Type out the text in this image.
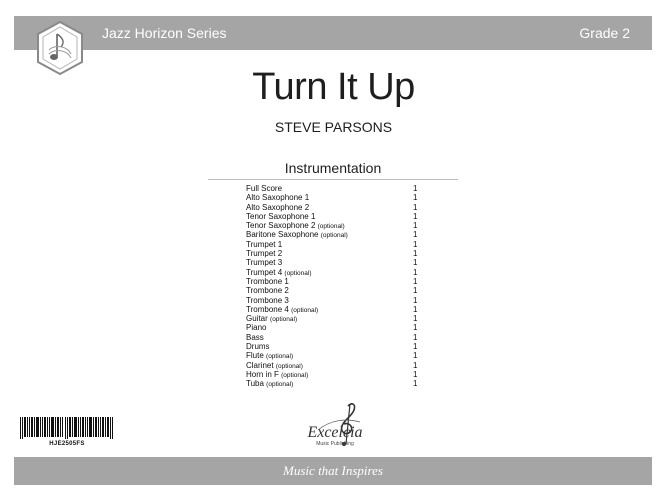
Jazz Horizon Series	Grade 2
Turn It Up
STEVE PARSONS
Instrumentation
Full Score	1
Alto Saxophone 1	1
Alto Saxophone 2	1
Tenor Saxophone 1	1
Tenor Saxophone 2 (optional)	1
Baritone Saxophone (optional)	1
Trumpet 1	1
Trumpet 2	1
Trumpet 3	1
Trumpet 4 (optional)	1
Trombone 1	1
Trombone 2	1
Trombone 3	1
Trombone 4 (optional)	1
Guitar (optional)	1
Piano	1
Bass	1
Drums	1
Flute (optional)	1
Clarinet (optional)	1
Horn in F (optional)	1
Tuba (optional)	1
HJE2505FS
Excelcia
Music Publishing
Music that Inspires
